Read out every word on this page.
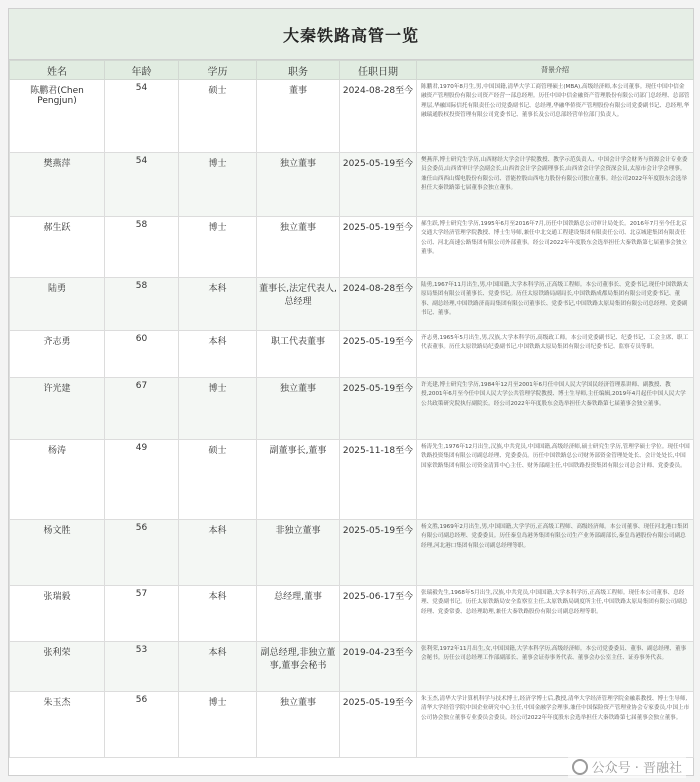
大秦铁路高管一览
姓名	年龄	学历	职务	任职日期	背景介绍

陈鹏君(Chen Pengjun)	54	硕士	董事	2024-08-28至今	陈鹏君,1970年8月生,男,中国国籍,清华大学工商管理硕士(MBA),高级经济师,本公司董事。现任中国中信金融资产管理股份有限公司资产经营一部总经理。历任中国中信金融资产管理股份有限公司部门总经理、总部管理层,华融国际信托有限责任公司党委副书记、总经理,华融华侨资产管理股份有限公司党委副书记、总经理,华融瑞通股权投资管理有限公司党委书记、董事长及公司总部经营单位部门负责人。

樊燕萍	54	博士	独立董事	2025-05-19至今	樊燕萍,博士研究生学历,山西财经大学会计学院教授、教学示范负责人、中国会计学会财务与资源会计专业委员会委员,山西省审计学会副会长,山西省会计学会副理事长,山西省会计学会资深会员,太原市会计学会理事。兼任山西西山煤电股份有限公司、晋能控股山西电力股份有限公司独立董事。经公司2022年年度股东会选举担任大秦铁路第七届董事会独立董事。

郝生跃	58	博士	独立董事	2025-05-19至今	郝生跃,博士研究生学历,1995年6月至2016年7月,历任中国铁路总公司审计局处长。2016年7月至今任北京交通大学经济管理学院教授、博士生导师,兼任中北交通工程建设集团有限责任公司、北京城建集团有限责任公司、河北高速公路集团有限公司外部董事。经公司2022年年度股东会选举担任大秦铁路第七届董事会独立董事。

陆勇	58	本科	董事长,法定代表人,总经理	2024-08-28至今	陆勇,1967年11月出生,男,中国国籍,大学本科学历,正高级工程师。本公司董事长、党委书记,现任中国铁路太原局集团有限公司董事长、党委书记。历任太原铁路局副局长,中国铁路成都局集团有限公司党委书记、董事、副总经理,中国铁路济南局集团有限公司董事长、党委书记,中国铁路太原局集团有限公司总经理、党委副书记、董事。

齐志勇	60	本科	职工代表董事	2025-05-19至今	齐志勇,1965年5月出生,男,汉族,大学本科学历,高级政工师。本公司党委副书记、纪委书记、工会主席、职工代表董事。历任太原铁路局纪委副书记,中国铁路太原局集团有限公司纪委书记、监察专员等职。

许光建	67	博士	独立董事	2025-05-19至今	许光建,博士研究生学历,1984年12月至2001年6月任中国人民大学国民经济管理系讲师、副教授、教授,2001年6月至今任中国人民大学公共管理学院教授、博士生导师,主任编辑,2019年4月起任中国人民大学公共政策研究院执行副院长。经公司2022年年度股东会选举担任大秦铁路第七届董事会独立董事。

杨涛	49	硕士	副董事长,董事	2025-11-18至今	杨涛先生,1976年12月出生,汉族,中共党员,中国国籍,高级经济师,硕士研究生学历,管理学硕士学位。现任中国铁路投资集团有限公司副总经理、党委委员。历任中国铁路总公司财务部资金管理处处长、会计处处长,中国国家铁路集团有限公司资金清算中心主任、财务部副主任,中国铁路投资集团有限公司总会计师、党委委员。

杨文胜	56	本科	非独立董事	2025-05-19至今	杨文胜,1969年2月出生,男,中国国籍,大学学历,正高级工程师、高级经济师。本公司董事、现任河北港口集团有限公司副总经理、党委委员。历任秦皇岛港务集团有限公司生产业务部副部长,秦皇岛港股份有限公司副总经理,河北港口集团有限公司副总经理等职。

张瑞毅	57	本科	总经理,董事	2025-06-17至今	张瑞毅先生,1968年5月出生,汉族,中共党员,中国国籍,大学本科学历,正高级工程师。现任本公司董事、总经理、党委副书记。历任太原铁路局安全监察室主任,太原铁路局调度所主任,中国铁路太原局集团有限公司副总经理、党委常委、总经理助理,兼任大秦铁路股份有限公司副总经理等职。

张利荣	53	本科	副总经理,非独立董事,董事会秘书	2019-04-23至今	张利荣,1972年11月出生,女,中国国籍,大学本科学历,高级经济师。本公司党委委员、董事、副总经理、董事会秘书。历任公司总经理工作部副部长、董事会证券事务代表、董事会办公室主任、证券事务代表。

朱玉杰	56	博士	独立董事	2025-05-19至今	朱玉杰,清华大学计算机科学与技术博士,经济学博士后,教授,清华大学经济管理学院金融系教授、博士生导师,清华大学经管学院中国企业研究中心主任,中国金融学会理事,兼任中国保险资产管理业协会专家委员,中国上市公司协会独立董事专业委员会委员。经公司2022年年度股东会选举担任大秦铁路第七届董事会独立董事。
公众号 · 晋融社
